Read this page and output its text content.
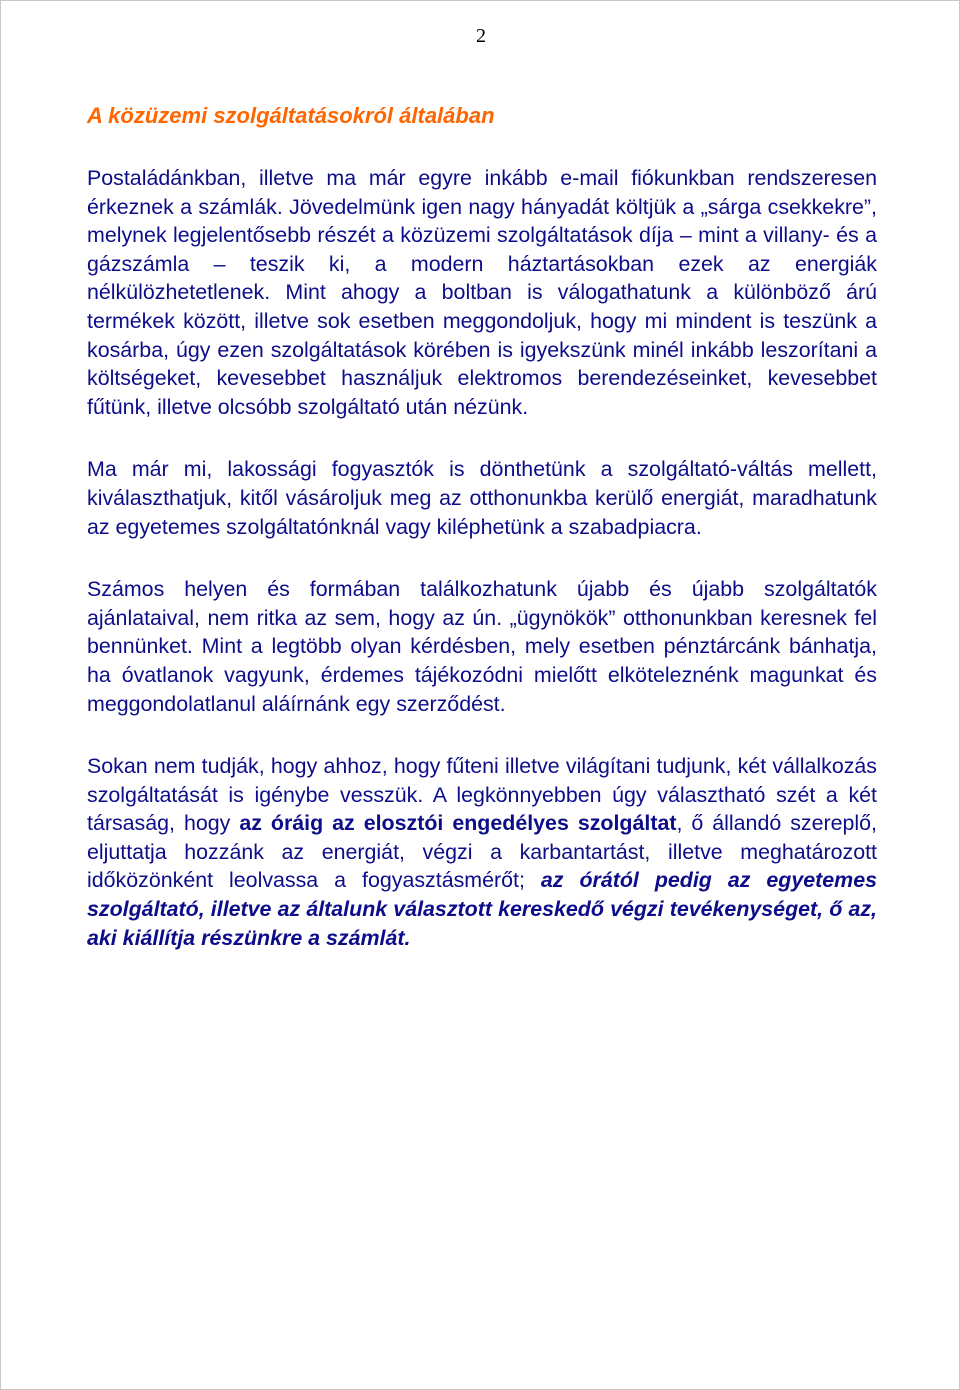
2
A közüzemi szolgáltatásokról általában

Postaládánkban, illetve ma már egyre inkább e-mail fiókunkban rendszeresen érkeznek a számlák. Jövedelmünk igen nagy hányadát költjük a „sárga csekkekre”, melynek legjelentősebb részét a közüzemi szolgáltatások díja – mint a villany- és a gázszámla – teszik ki, a modern háztartásokban ezek az energiák nélkülözhetetlenek. Mint ahogy a boltban is válogathatunk a különböző árú termékek között, illetve sok esetben meggondoljuk, hogy mi mindent is teszünk a kosárba, úgy ezen szolgáltatások körében is igyekszünk minél inkább leszorítani a költségeket, kevesebbet használjuk elektromos berendezéseinket, kevesebbet fűtünk, illetve olcsóbb szolgáltató után nézünk.

Ma már mi, lakossági fogyasztók is dönthetünk a szolgáltató-váltás mellett, kiválaszthatjuk, kitől vásároljuk meg az otthonunkba kerülő energiát, maradhatunk az egyetemes szolgáltatónknál vagy kiléphetünk a szabadpiacra.

Számos helyen és formában találkozhatunk újabb és újabb szolgáltatók ajánlataival, nem ritka az sem, hogy az ún. „ügynökök” otthonunkban keresnek fel bennünket. Mint a legtöbb olyan kérdésben, mely esetben pénztárcánk bánhatja, ha óvatlanok vagyunk, érdemes tájékozódni mielőtt elköteleznénk magunkat és meggondolatlanul aláírnánk egy szerződést.

Sokan nem tudják, hogy ahhoz, hogy fűteni illetve világítani tudjunk, két vállalkozás szolgáltatását is igénybe vesszük. A legkönnyebben úgy választható szét a két társaság, hogy az óráig az elosztói engedélyes szolgáltat, ő állandó szereplő, eljuttatja hozzánk az energiát, végzi a karbantartást, illetve meghatározott időközönként leolvassa a fogyasztásmérőt; az órától pedig az egyetemes szolgáltató, illetve az általunk választott kereskedő végzi tevékenységet, ő az, aki kiállítja részünkre a számlát.
